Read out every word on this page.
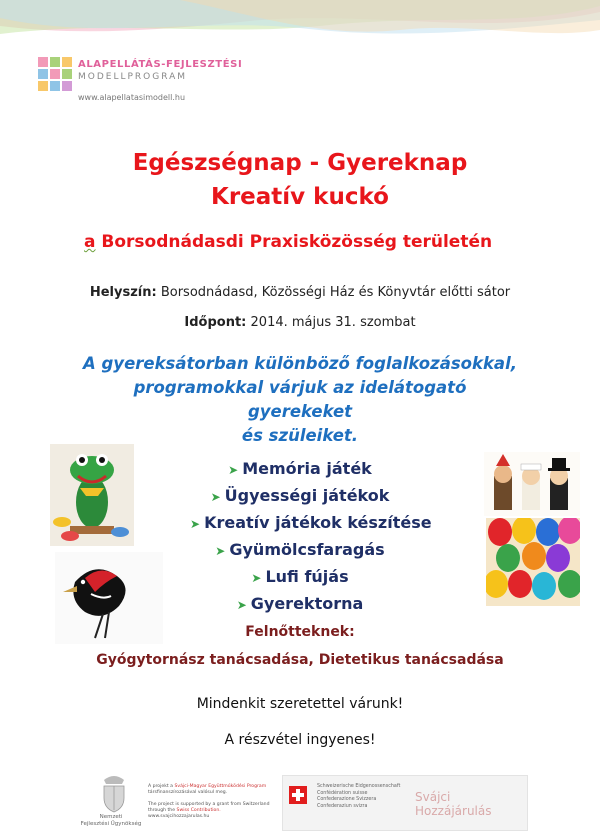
ALAPELLÁTÁS-FEJLESZTÉSI
MODELLPROGRAM
www.alapellatasimodell.hu
Egészségnap - Gyereknap
Kreatív kuckó
a Borsodnádasdi Praxisközösség területén
Helyszín: Borsodnádasd, Közösségi Ház és Könyvtár előtti sátor
Időpont: 2014. május 31. szombat
A gyereksátorban különböző foglalkozásokkal,
programokkal várjuk az idelátogató gyerekeket
és szüleiket.
➤ Memória játék
➤ Ügyességi játékok
➤ Kreatív játékok készítése
➤ Gyümölcsfaragás
➤ Lufi fújás
➤ Gyerektorna
Felnőtteknek:
Gyógytornász tanácsadása, Dietetikus tanácsadása
Mindenkit szeretettel várunk!
A részvétel ingyenes!
Nemzeti
Fejlesztési Ügynökség
A projekt a Svájci-Magyar Együttműködési Program
társfinanszírozásával valósul meg.
The project is supported by a grant from Switzerland
through the Swiss Contribution.
www.svajcihozzajarulas.hu
Schweizerische Eidgenossenschaft
Confédération suisse
Confederazione Svizzera
Confederaziun svizra
Svájci
Hozzájárulás
